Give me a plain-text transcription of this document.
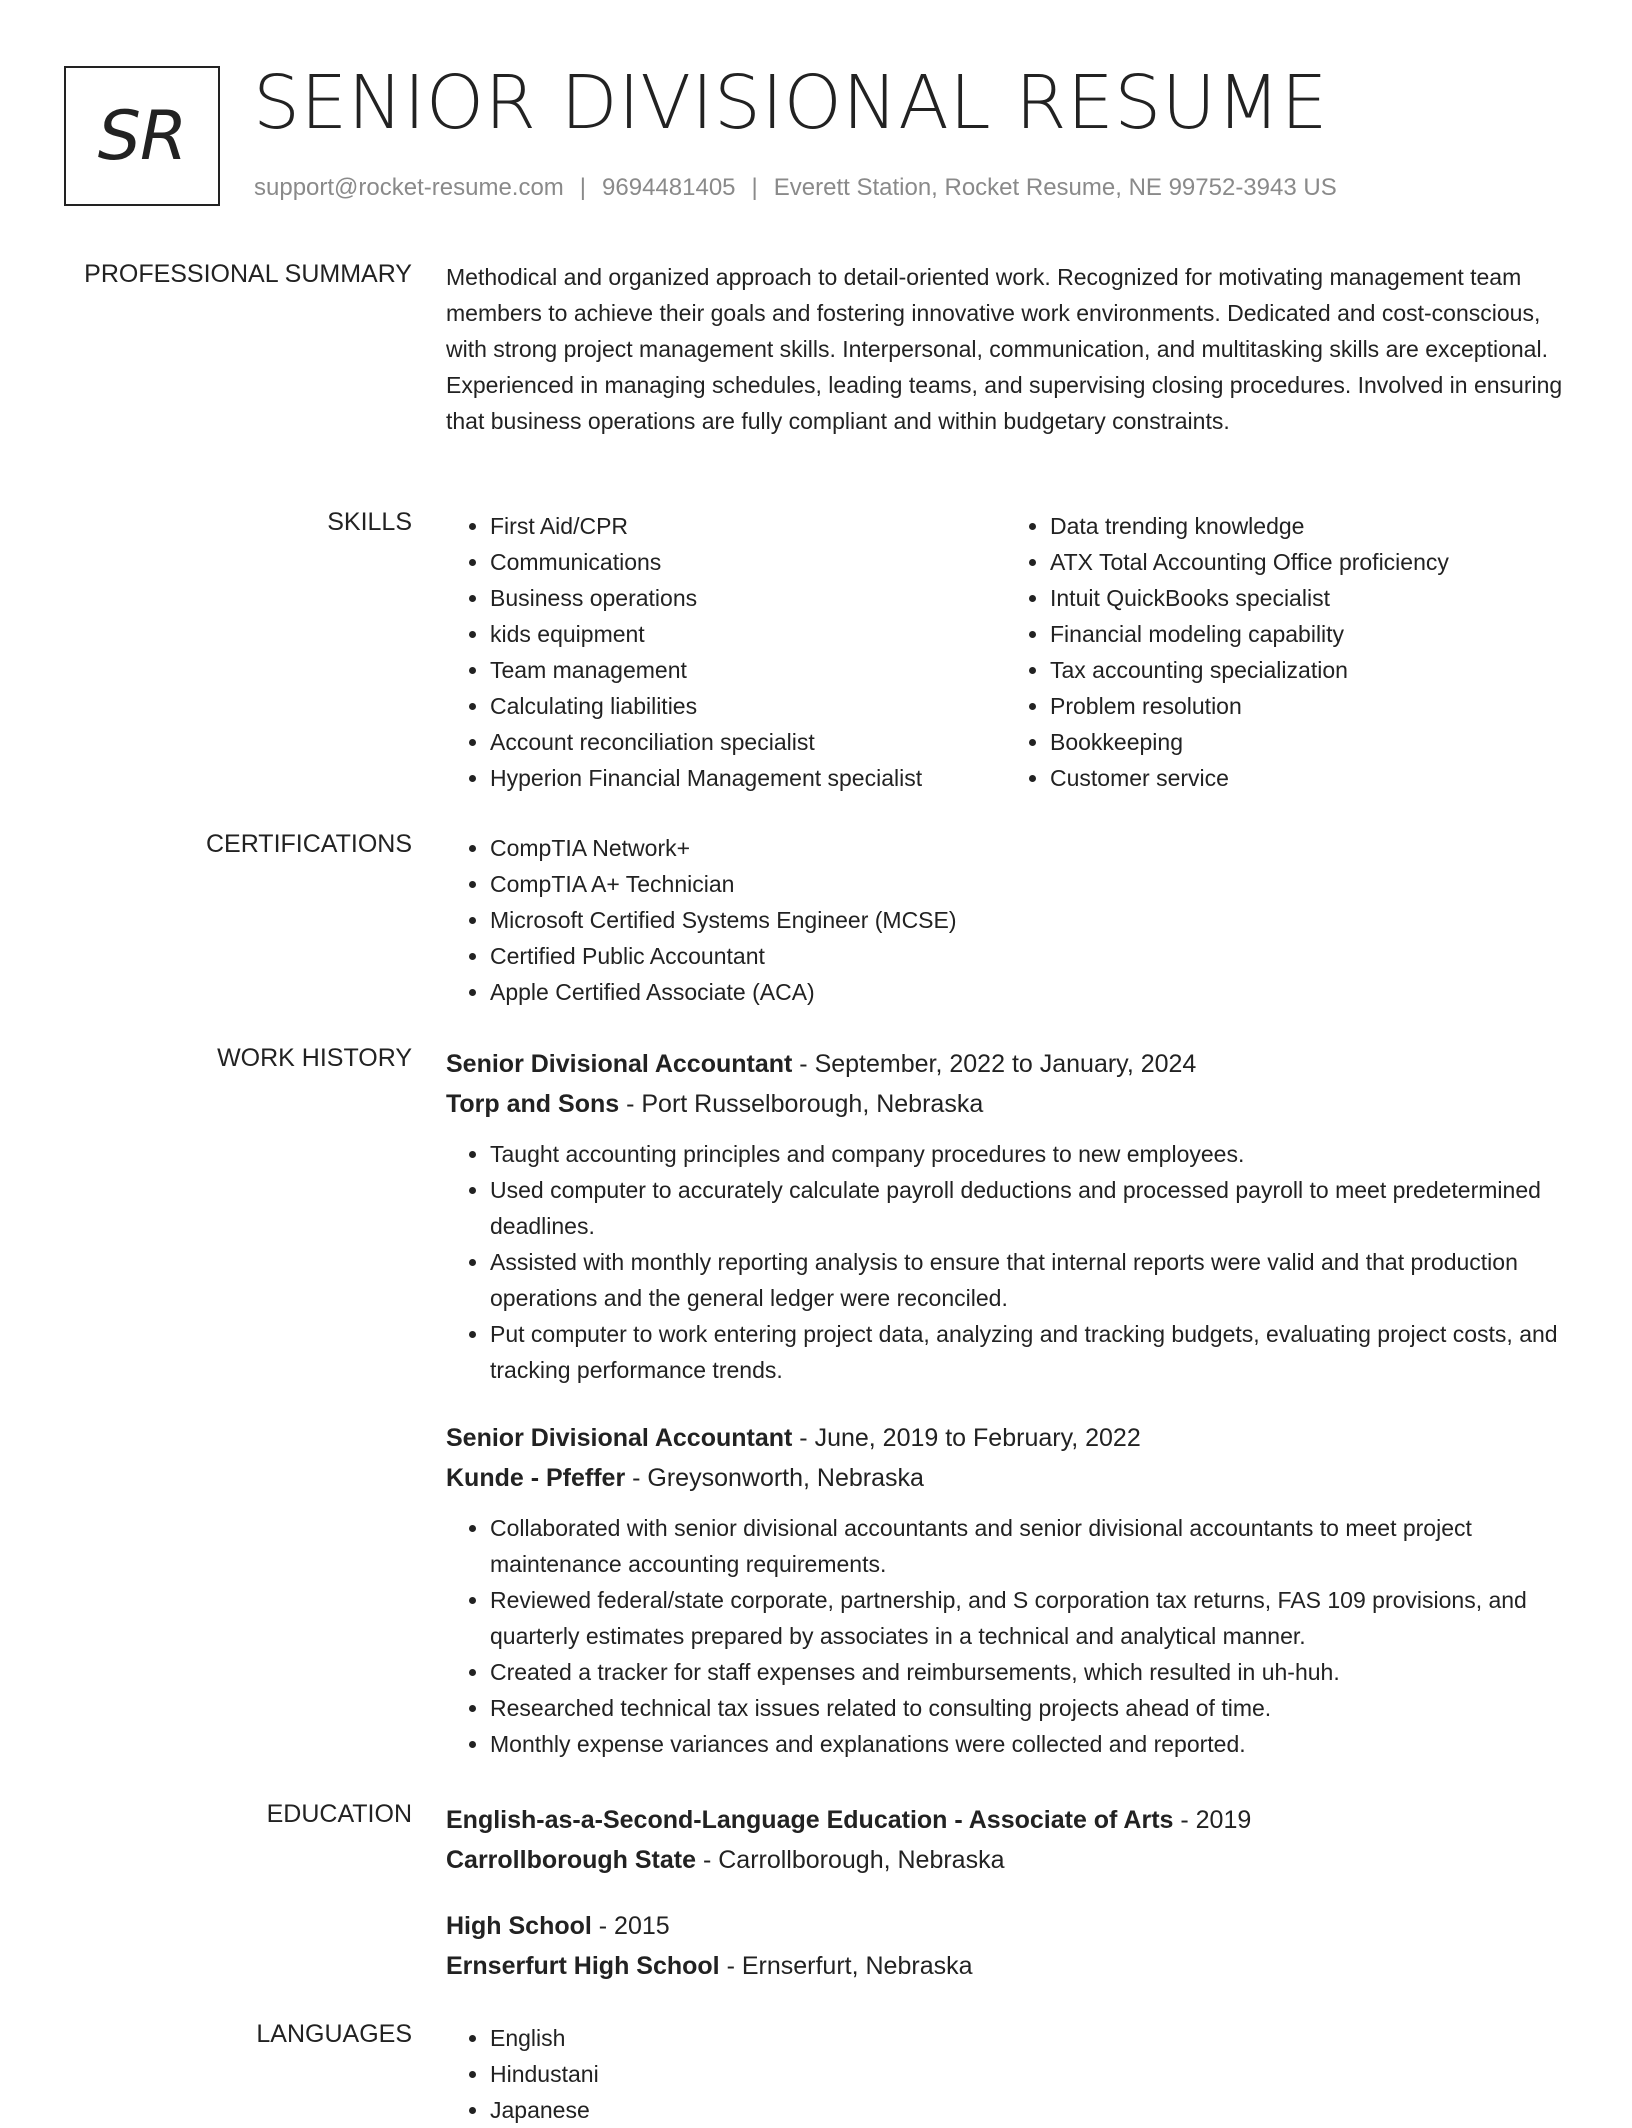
SR SENIOR DIVISIONAL RESUME
support@rocket-resume.com | 9694481405 | Everett Station, Rocket Resume, NE 99752-3943 US
PROFESSIONAL SUMMARY Methodical and organized approach to detail-oriented work. Recognized for motivating management team members to achieve their goals and fostering innovative work environments. Dedicated and cost-conscious, with strong project management skills. Interpersonal, communication, and multitasking skills are exceptional. Experienced in managing schedules, leading teams, and supervising closing procedures. Involved in ensuring that business operations are fully compliant and within budgetary constraints.

SKILLS	• First Aid/CPR
• Communications
• Business operations
• kids equipment
• Team management
• Calculating liabilities
• Account reconciliation specialist
• Hyperion Financial Management specialist
• Data trending knowledge
• ATX Total Accounting Office proficiency
• Intuit QuickBooks specialist
• Financial modeling capability
• Tax accounting specialization
• Problem resolution
• Bookkeeping
• Customer service
CERTIFICATIONS	• CompTIA Network+
• CompTIA A+ Technician
• Microsoft Certified Systems Engineer (MCSE)
• Certified Public Accountant
• Apple Certified Associate (ACA)
WORK HISTORY Senior Divisional Accountant - September, 2022 to January, 2024
Torp and Sons - Port Russelborough, Nebraska
• Taught accounting principles and company procedures to new employees.
• Used computer to accurately calculate payroll deductions and processed payroll to meet predetermined deadlines.
• Assisted with monthly reporting analysis to ensure that internal reports were valid and that production operations and the general ledger were reconciled.
• Put computer to work entering project data, analyzing and tracking budgets, evaluating project costs, and tracking performance trends.
Senior Divisional Accountant - June, 2019 to February, 2022
Kunde - Pfeffer - Greysonworth, Nebraska
• Collaborated with senior divisional accountants and senior divisional accountants to meet project maintenance accounting requirements.
• Reviewed federal/state corporate, partnership, and S corporation tax returns, FAS 109 provisions, and quarterly estimates prepared by associates in a technical and analytical manner.
• Created a tracker for staff expenses and reimbursements, which resulted in uh-huh.
• Researched technical tax issues related to consulting projects ahead of time.
• Monthly expense variances and explanations were collected and reported.
EDUCATION English-as-a-Second-Language Education - Associate of Arts - 2019
Carrollborough State - Carrollborough, Nebraska
High School - 2015
Ernserfurt High School - Ernserfurt, Nebraska
LANGUAGES	• English
• Hindustani
• Japanese
